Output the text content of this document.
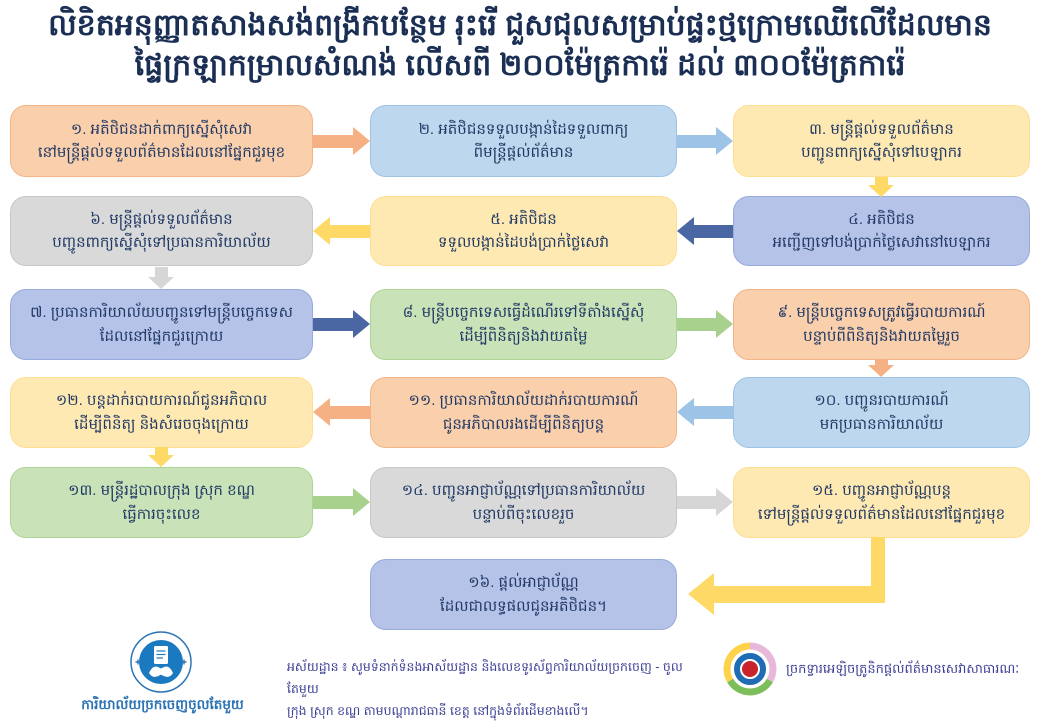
លិខិតអនុញ្ញាតសាងសង់ពង្រីកបន្ថែម រុះរើ ជួសជុលសម្រាប់ផ្ទះថ្មក្រោមឈើលើដែលមាន
ផ្ទៃក្រឡាកម្រាលសំណង់ លើសពី ២០០ម៉ែត្រការ៉េ ដល់ ៣០០ម៉ែត្រការ៉េ
១. អតិថិជនដាក់ពាក្យស្នើសុំសេវា
នៅមន្ត្រីផ្តល់ទទួលព័ត៌មានដែលនៅផ្នែកជួរមុខ
២. អតិថិជនទទួលបង្កាន់ដៃទទួលពាក្យ
ពីមន្ត្រីផ្តល់ព័ត៌មាន
៣. មន្ត្រីផ្តល់ទទួលព័ត៌មាន
បញ្ជូនពាក្យស្នើសុំទៅបេឡាករ
៦. មន្ត្រីផ្តល់ទទួលព័ត៌មាន
បញ្ជូនពាក្យស្នើសុំទៅប្រធានការិយាល័យ
៥. អតិថិជន
ទទួលបង្កាន់ដៃបង់ប្រាក់ថ្លៃសេវា
៤. អតិថិជន
អញ្ជើញទៅបង់ប្រាក់ថ្លៃសេវានៅបេឡាករ
៧. ប្រធានការិយាល័យបញ្ជូនទៅមន្ត្រីបច្ចេកទេស
ដែលនៅផ្នែកជួរក្រោយ
៨. មន្ត្រីបច្ចេកទេសធ្វើដំណើរទៅទីតាំងស្នើសុំ
ដើម្បីពិនិត្យនិងវាយតម្លៃ
៩. មន្ត្រីបច្ចេកទេសត្រូវធ្វើរបាយការណ៍
បន្ទាប់ពីពិនិត្យនិងវាយតម្លៃរួច
១២. បន្តដាក់របាយការណ៍ជូនអភិបាល
ដើម្បីពិនិត្យ និងសំរេចចុងក្រោយ
១១. ប្រធានការិយាល័យដាក់របាយការណ៍
ជូនអភិបាលរងដើម្បីពិនិត្យបន្ត
១០. បញ្ជូនរបាយការណ៍
មកប្រធានការិយាល័យ
១៣. មន្ត្រីរដ្ឋបាលក្រុង ស្រុក ខណ្ឌ
ធ្វើការចុះលេខ
១៤. បញ្ជូនអាជ្ញាប័ណ្ណទៅប្រធានការិយាល័យ
បន្ទាប់ពីចុះលេខរួច
១៥. បញ្ជូនអាជ្ញាប័ណ្ណបន្ត
ទៅមន្ត្រីផ្តល់ទទួលព័ត៌មានដែលនៅផ្នែកជួរមុខ
១៦. ផ្តល់អាជ្ញាប័ណ្ណ
ដែលជាលទ្ធផលជូនអតិថិជន។
ការិយាល័យច្រកចេញចូលតែមួយ
អស័យដ្ឋាន ៖ សូមទំនាក់ទំនងអាស័យដ្ឋាន និងលេខទូរស័ព្ទការិយាល័យច្រកចេញ - ចូលតែមួយ
ក្រុង ស្រុក ខណ្ឌ តាមបណ្តារាជធានី ខេត្ត នៅក្នុងទំព័រដើមខាងលើ។
ច្រកទ្វារអេឡិចត្រូនិកផ្តល់ព័ត៌មានសេវាសាធារណៈ
